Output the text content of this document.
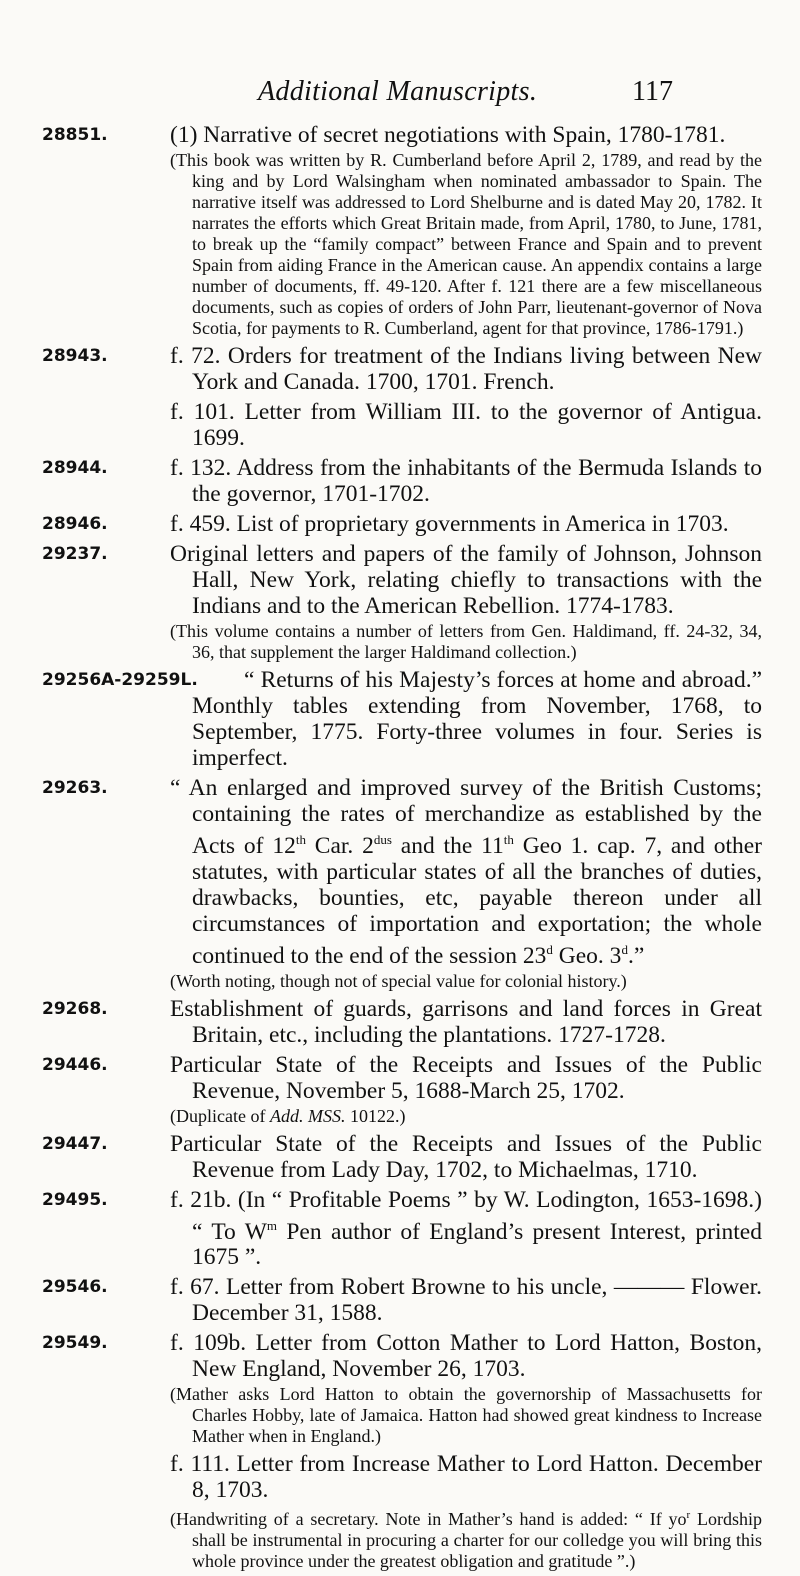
Additional Manuscripts.	117
28851.	(1) Narrative of secret negotiations with Spain, 1780-1781.
(This book was written by R. Cumberland before April 2, 1789, and read by the king and by Lord Walsingham when nominated ambassador to Spain. The narrative itself was addressed to Lord Shelburne and is dated May 20, 1782. It narrates the efforts which Great Britain made, from April, 1780, to June, 1781, to break up the “family compact” between France and Spain and to prevent Spain from aiding France in the American cause. An appendix contains a large number of documents, ff. 49-120. After f. 121 there are a few miscellaneous documents, such as copies of orders of John Parr, lieutenant-governor of Nova Scotia, for payments to R. Cumberland, agent for that province, 1786-1791.)
28943.	f. 72. Orders for treatment of the Indians living between New York and Canada. 1700, 1701. French.
f. 101. Letter from William III. to the governor of Antigua. 1699.
28944.	f. 132. Address from the inhabitants of the Bermuda Islands to the governor, 1701-1702.
28946.	f. 459. List of proprietary governments in America in 1703.
29237.	Original letters and papers of the family of Johnson, Johnson Hall, New York, relating chiefly to transactions with the Indians and to the American Rebellion. 1774-1783.
(This volume contains a number of letters from Gen. Haldimand, ff. 24-32, 34, 36, that supplement the larger Haldimand collection.)
29256A-29259L.	“ Returns of his Majesty’s forces at home and abroad.” Monthly tables extending from November, 1768, to September, 1775. Forty-three volumes in four. Series is imperfect.
29263.	“ An enlarged and improved survey of the British Customs; containing the rates of merchandize as established by the Acts of 12th Car. $2^{dus}$ and the 11th Geo 1. cap. 7, and other statutes, with particular states of all the branches of duties, drawbacks, bounties, etc, payable thereon under all circumstances of importation and exportation; the whole continued to the end of the session 23$^d$ Geo. 3$^d$.”
(Worth noting, though not of special value for colonial history.)
29268.	Establishment of guards, garrisons and land forces in Great Britain, etc., including the plantations. 1727-1728.
29446.	Particular State of the Receipts and Issues of the Public Revenue, November 5, 1688-March 25, 1702.
(Duplicate of Add. MSS. 10122.)
29447.	Particular State of the Receipts and Issues of the Public Revenue from Lady Day, 1702, to Michaelmas, 1710.
29495.	f. 21b. (In “ Profitable Poems ” by W. Lodington, 1653-1698.) “ To $W^m$ Pen author of England’s present Interest, printed 1675 ”.
29546.	f. 67. Letter from Robert Browne to his uncle, ——— Flower. December 31, 1588.
29549.	f. 109b. Letter from Cotton Mather to Lord Hatton, Boston, New England, November 26, 1703.
(Mather asks Lord Hatton to obtain the governorship of Massachusetts for Charles Hobby, late of Jamaica. Hatton had showed great kindness to Increase Mather when in England.)
f. 111. Letter from Increase Mather to Lord Hatton. December 8, 1703.
(Handwriting of a secretary. Note in Mather’s hand is added: “ If $yo^r$ Lordship shall be instrumental in procuring a charter for our colledge you will bring this whole province under the greatest obligation and gratitude ”.)
